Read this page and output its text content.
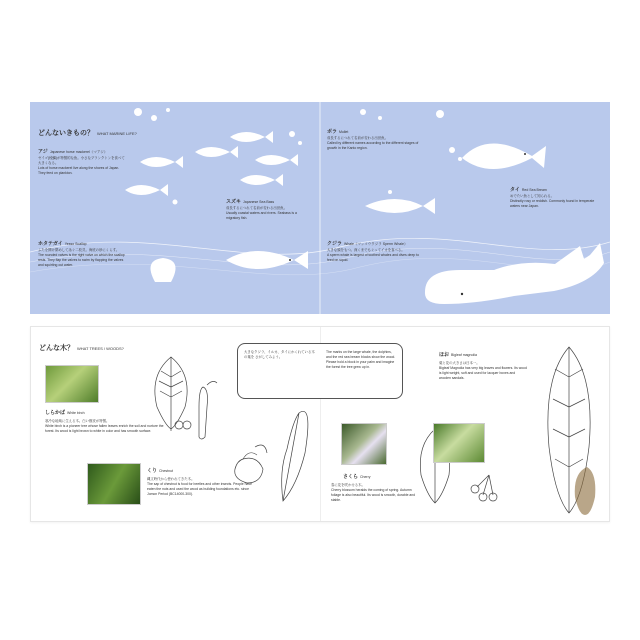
どんないきもの？ WHAT MARINE LIFE?
アジ Japanese horse mackerel《マアジ》
ゼイゴ(稜鱗)が特徴的な魚。小さなプランクトンを食べて大きくなる。
Lots of horse mackerel live along the shores of Japan. They feed on plankton.
ホタテガイ Yesso Scallop
ふたを開け閉めして泳ぐ二枚貝。海底の砂にくらす。
The rounded valves is the right valve on which the scallop rests. They flap the valves to swim by flapping the valves and squirting out water.
スズキ Japanese Sea Bass
成長するにつれて名前が変わる出世魚。
Usually coastal waters and rivers. Seabass is a migratory fish.
ボラ Mullet
成長するにつれて名前が変わる出世魚。
Called by different names according to the different stages of growth in the Kanto region.
タイ Red Sea Bream
めでたい魚として知られる。
Distinctly rosy or reddish. Commonly found in temperate waters near Japan.
クジラ Whale《マッコウクジラ Sperm Whale》
大きな頭をもつ。深くまでもぐってイカを食べる。
A sperm whale is largest of toothed whales and dives deep to feed on squid.
どんな木？ WHAT TREES / WOODS?
しらかば White birch
寒冷な地域に生える木。白い樹皮が特徴。
White birch is a pioneer tree whose fallen leaves enrich the soil and nurture the forest. Its wood is light brown to white in color and has smooth surface.
くり Chestnut
縄文時代から使われてきた木。
The sap of chestnut is food for beetles and other insects. People have eaten the nuts and used the wood as building foundations etc. since Jomon Period (BC14000-300).
大きなクジラ、イルカ、タイにかくれている木の葉を さがしてみよう。
The marks on the large whale, the dolphins, and the red sea bream blocks show the wood. Please hold a block in your palm and imagine the forest the tree grew up in.
さくら Cherry
春に花を咲かせる木。
Cherry blossom heralds the coming of spring. Autumn foliage is also beautiful. Its wood is smooth, durable and stable.
ほお Bigleaf magnolia
葉と花の大きさは日本一。
Bigleaf Magnolia has very big leaves and flowers. Its wood is light weight, soft and used for lacquer boxes and wooden sandals.
